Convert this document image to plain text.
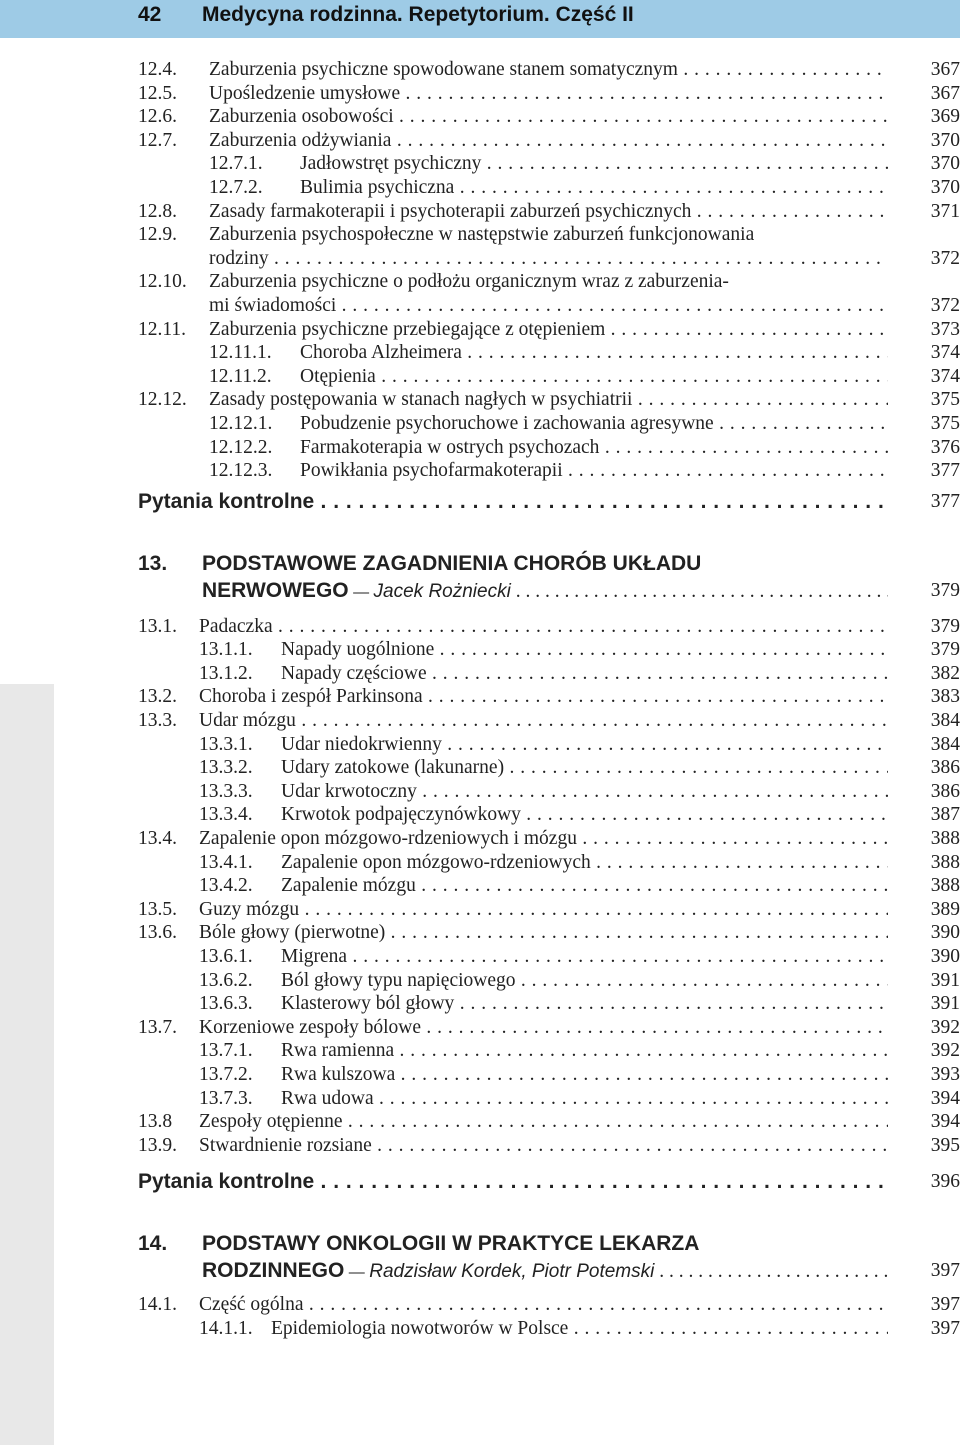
42 Medycyna rodzinna. Repetytorium. Część II
12.4. Zaburzenia psychiczne spowodowane stanem somatycznym . . .	367
12.5. Upośledzenie umysłowe . . .	367
12.6. Zaburzenia osobowości . . .	369
12.7. Zaburzenia odżywiania . . .	370
12.7.1. Jadłowstręt psychiczny . . .	370
12.7.2. Bulimia psychiczna . . .	370
12.8. Zasady farmakoterapii i psychoterapii zaburzeń psychicznych . . .	371
12.9. Zaburzenia psychospołeczne w następstwie zaburzeń funkcjonowania
rodziny . . .	372
12.10. Zaburzenia psychiczne o podłożu organicznym wraz z zaburzenia-
mi świadomości . . .	372
12.11. Zaburzenia psychiczne przebiegające z otępieniem . . .	373
12.11.1. Choroba Alzheimera . . .	374
12.11.2. Otępienia . . .	374
12.12. Zasady postępowania w stanach nagłych w psychiatrii . . .	375
12.12.1. Pobudzenie psychoruchowe i zachowania agresywne . . .	375
12.12.2. Farmakoterapia w ostrych psychozach . . .	376
12.12.3. Powikłania psychofarmakoterapii . . .	377
Pytania kontrolne . . .	377
13. PODSTAWOWE ZAGADNIENIA CHORÓB UKŁADU
NERWOWEGO — Jacek Rożniecki . . .	379
13.1. Padaczka . . .	379
13.1.1. Napady uogólnione . . .	379
13.1.2. Napady częściowe . . .	382
13.2. Choroba i zespół Parkinsona . . .	383
13.3. Udar mózgu . . .	384
13.3.1. Udar niedokrwienny . . .	384
13.3.2. Udary zatokowe (lakunarne) . . .	386
13.3.3. Udar krwotoczny . . .	386
13.3.4. Krwotok podpajęczynówkowy . . .	387
13.4. Zapalenie opon mózgowo-rdzeniowych i mózgu . . .	388
13.4.1. Zapalenie opon mózgowo-rdzeniowych . . .	388
13.4.2. Zapalenie mózgu . . .	388
13.5. Guzy mózgu . . .	389
13.6. Bóle głowy (pierwotne) . . .	390
13.6.1. Migrena . . .	390
13.6.2. Ból głowy typu napięciowego . . .	391
13.6.3. Klasterowy ból głowy . . .	391
13.7. Korzeniowe zespoły bólowe . . .	392
13.7.1. Rwa ramienna . . .	392
13.7.2. Rwa kulszowa . . .	393
13.7.3. Rwa udowa . . .	394
13.8 Zespoły otępienne . . .	394
13.9. Stwardnienie rozsiane . . .	395
Pytania kontrolne . . .	396
14. PODSTAWY ONKOLOGII W PRAKTYCE LEKARZA
RODZINNEGO — Radzisław Kordek, Piotr Potemski . . .	397
14.1. Część ogólna . . .	397
14.1.1. Epidemiologia nowotworów w Polsce . . .	397
